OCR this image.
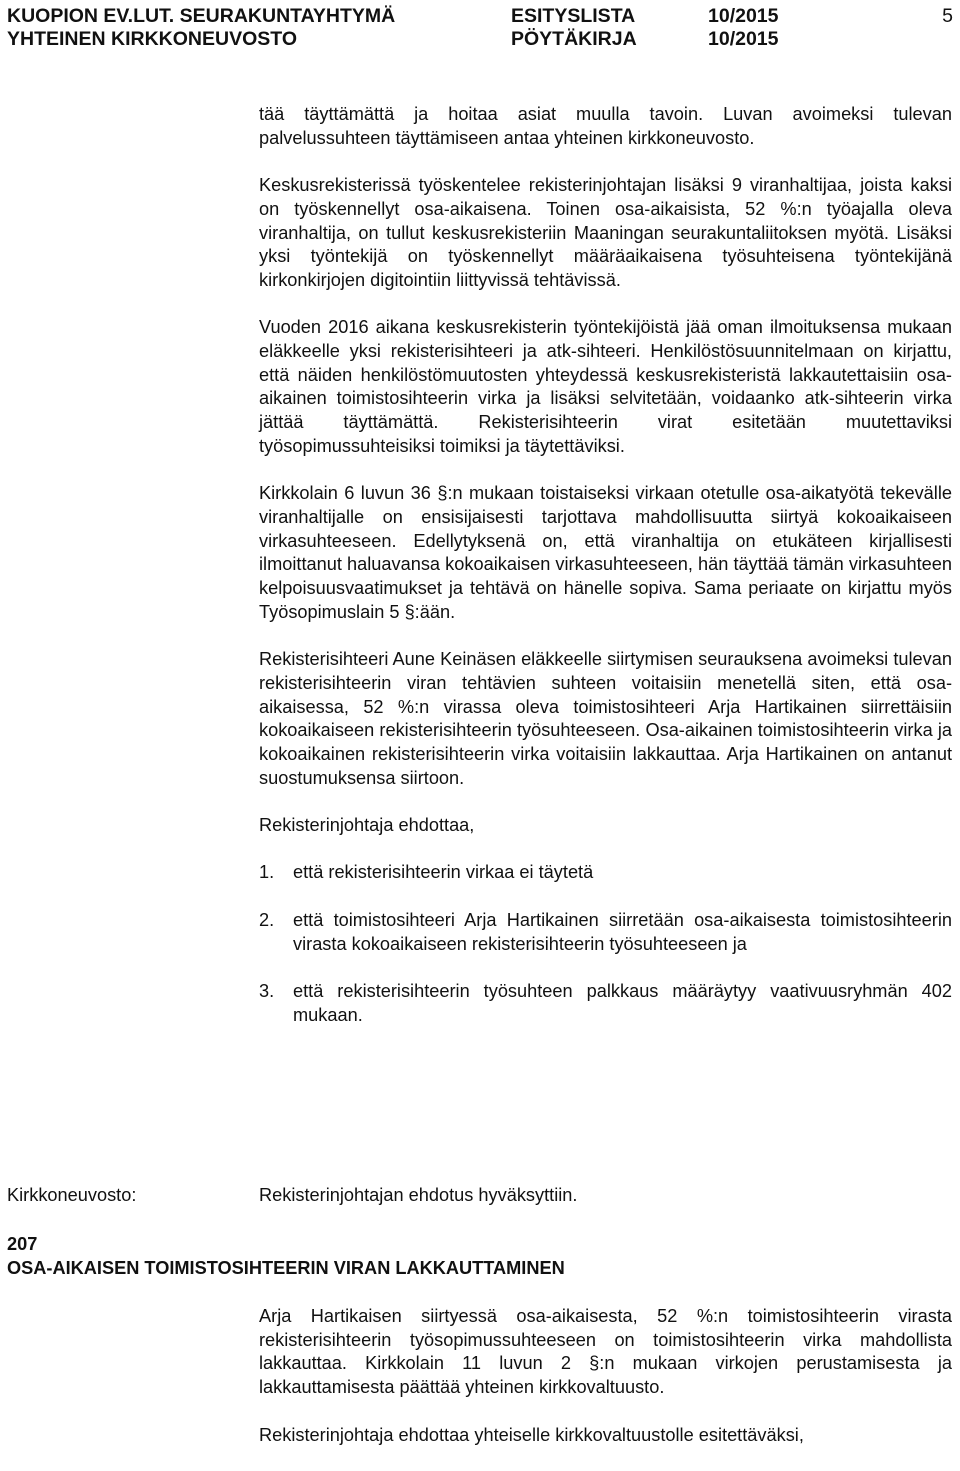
KUOPION EV.LUT. SEURAKUNTAYHTYMÄ	ESITYSLISTA	10/2015	5
YHTEINEN KIRKKONEUVOSTO	PÖYTÄKIRJA	10/2015

tää täyttämättä ja hoitaa asiat muulla tavoin. Luvan avoimeksi tulevan palvelussuhteen täyttämiseen antaa yhteinen kirkkoneuvosto.

Keskusrekisterissä työskentelee rekisterinjohtajan lisäksi 9 viranhaltijaa, joista kaksi on työskennellyt osa-aikaisena. Toinen osa-aikaisista, 52 %:n työajalla oleva viranhaltija, on tullut keskusrekisteriin Maaningan seurakuntaliitoksen myötä. Lisäksi yksi työntekijä on työskennellyt määräaikaisena työsuhteisena työntekijänä kirkonkirjojen digitointiin liittyvissä tehtävissä.

Vuoden 2016 aikana keskusrekisterin työntekijöistä jää oman ilmoituksensa mukaan eläkkeelle yksi rekisterisihteeri ja atk-sihteeri. Henkilöstösuunnitelmaan on kirjattu, että näiden henkilöstömuutosten yhteydessä keskusrekisteristä lakkautettaisiin osa-aikainen toimistosihteerin virka ja lisäksi selvitetään, voidaanko atk-sihteerin virka jättää täyttämättä. Rekisterisihteerin virat esitetään muutettaviksi työsopimussuhteisiksi toimiksi ja täytettäviksi.

Kirkkolain 6 luvun 36 §:n mukaan toistaiseksi virkaan otetulle osa-aikatyötä tekevälle viranhaltijalle on ensisijaisesti tarjottava mahdollisuutta siirtyä kokoaikaiseen virkasuhteeseen. Edellytyksenä on, että viranhaltija on etukäteen kirjallisesti ilmoittanut haluavansa kokoaikaisen virkasuhteeseen, hän täyttää tämän virkasuhteen kelpoisuusvaatimukset ja tehtävä on hänelle sopiva. Sama periaate on kirjattu myös Työsopimuslain 5 §:ään.

Rekisterisihteeri Aune Keinäsen eläkkeelle siirtymisen seurauksena avoimeksi tulevan rekisterisihteerin viran tehtävien suhteen voitaisiin menetellä siten, että osa-aikaisessa, 52 %:n virassa oleva toimistosihteeri Arja Hartikainen siirrettäisiin kokoaikaiseen rekisterisihteerin työsuhteeseen. Osa-aikainen toimistosihteerin virka ja kokoaikainen rekisterisihteerin virka voitaisiin lakkauttaa. Arja Hartikainen on antanut suostumuksensa siirtoon.

Rekisterinjohtaja ehdottaa,

1. että rekisterisihteerin virkaa ei täytetä
2. että toimistosihteeri Arja Hartikainen siirretään osa-aikaisesta toimistosihteerin virasta kokoaikaiseen rekisterisihteerin työsuhteeseen ja
3. että rekisterisihteerin työsuhteen palkkaus määräytyy vaativuusryhmän 402 mukaan.
Kirkkoneuvosto:	Rekisterinjohtajan ehdotus hyväksyttiin.
207
OSA-AIKAISEN TOIMISTOSIHTEERIN VIRAN LAKKAUTTAMINEN

Arja Hartikaisen siirtyessä osa-aikaisesta, 52 %:n toimistosihteerin virasta rekisterisihteerin työsopimussuhteeseen on toimistosihteerin virka mahdollista lakkauttaa. Kirkkolain 11 luvun 2 §:n mukaan virkojen perustamisesta ja lakkauttamisesta päättää yhteinen kirkkovaltuusto.

Rekisterinjohtaja ehdottaa yhteiselle kirkkovaltuustolle esitettäväksi,
